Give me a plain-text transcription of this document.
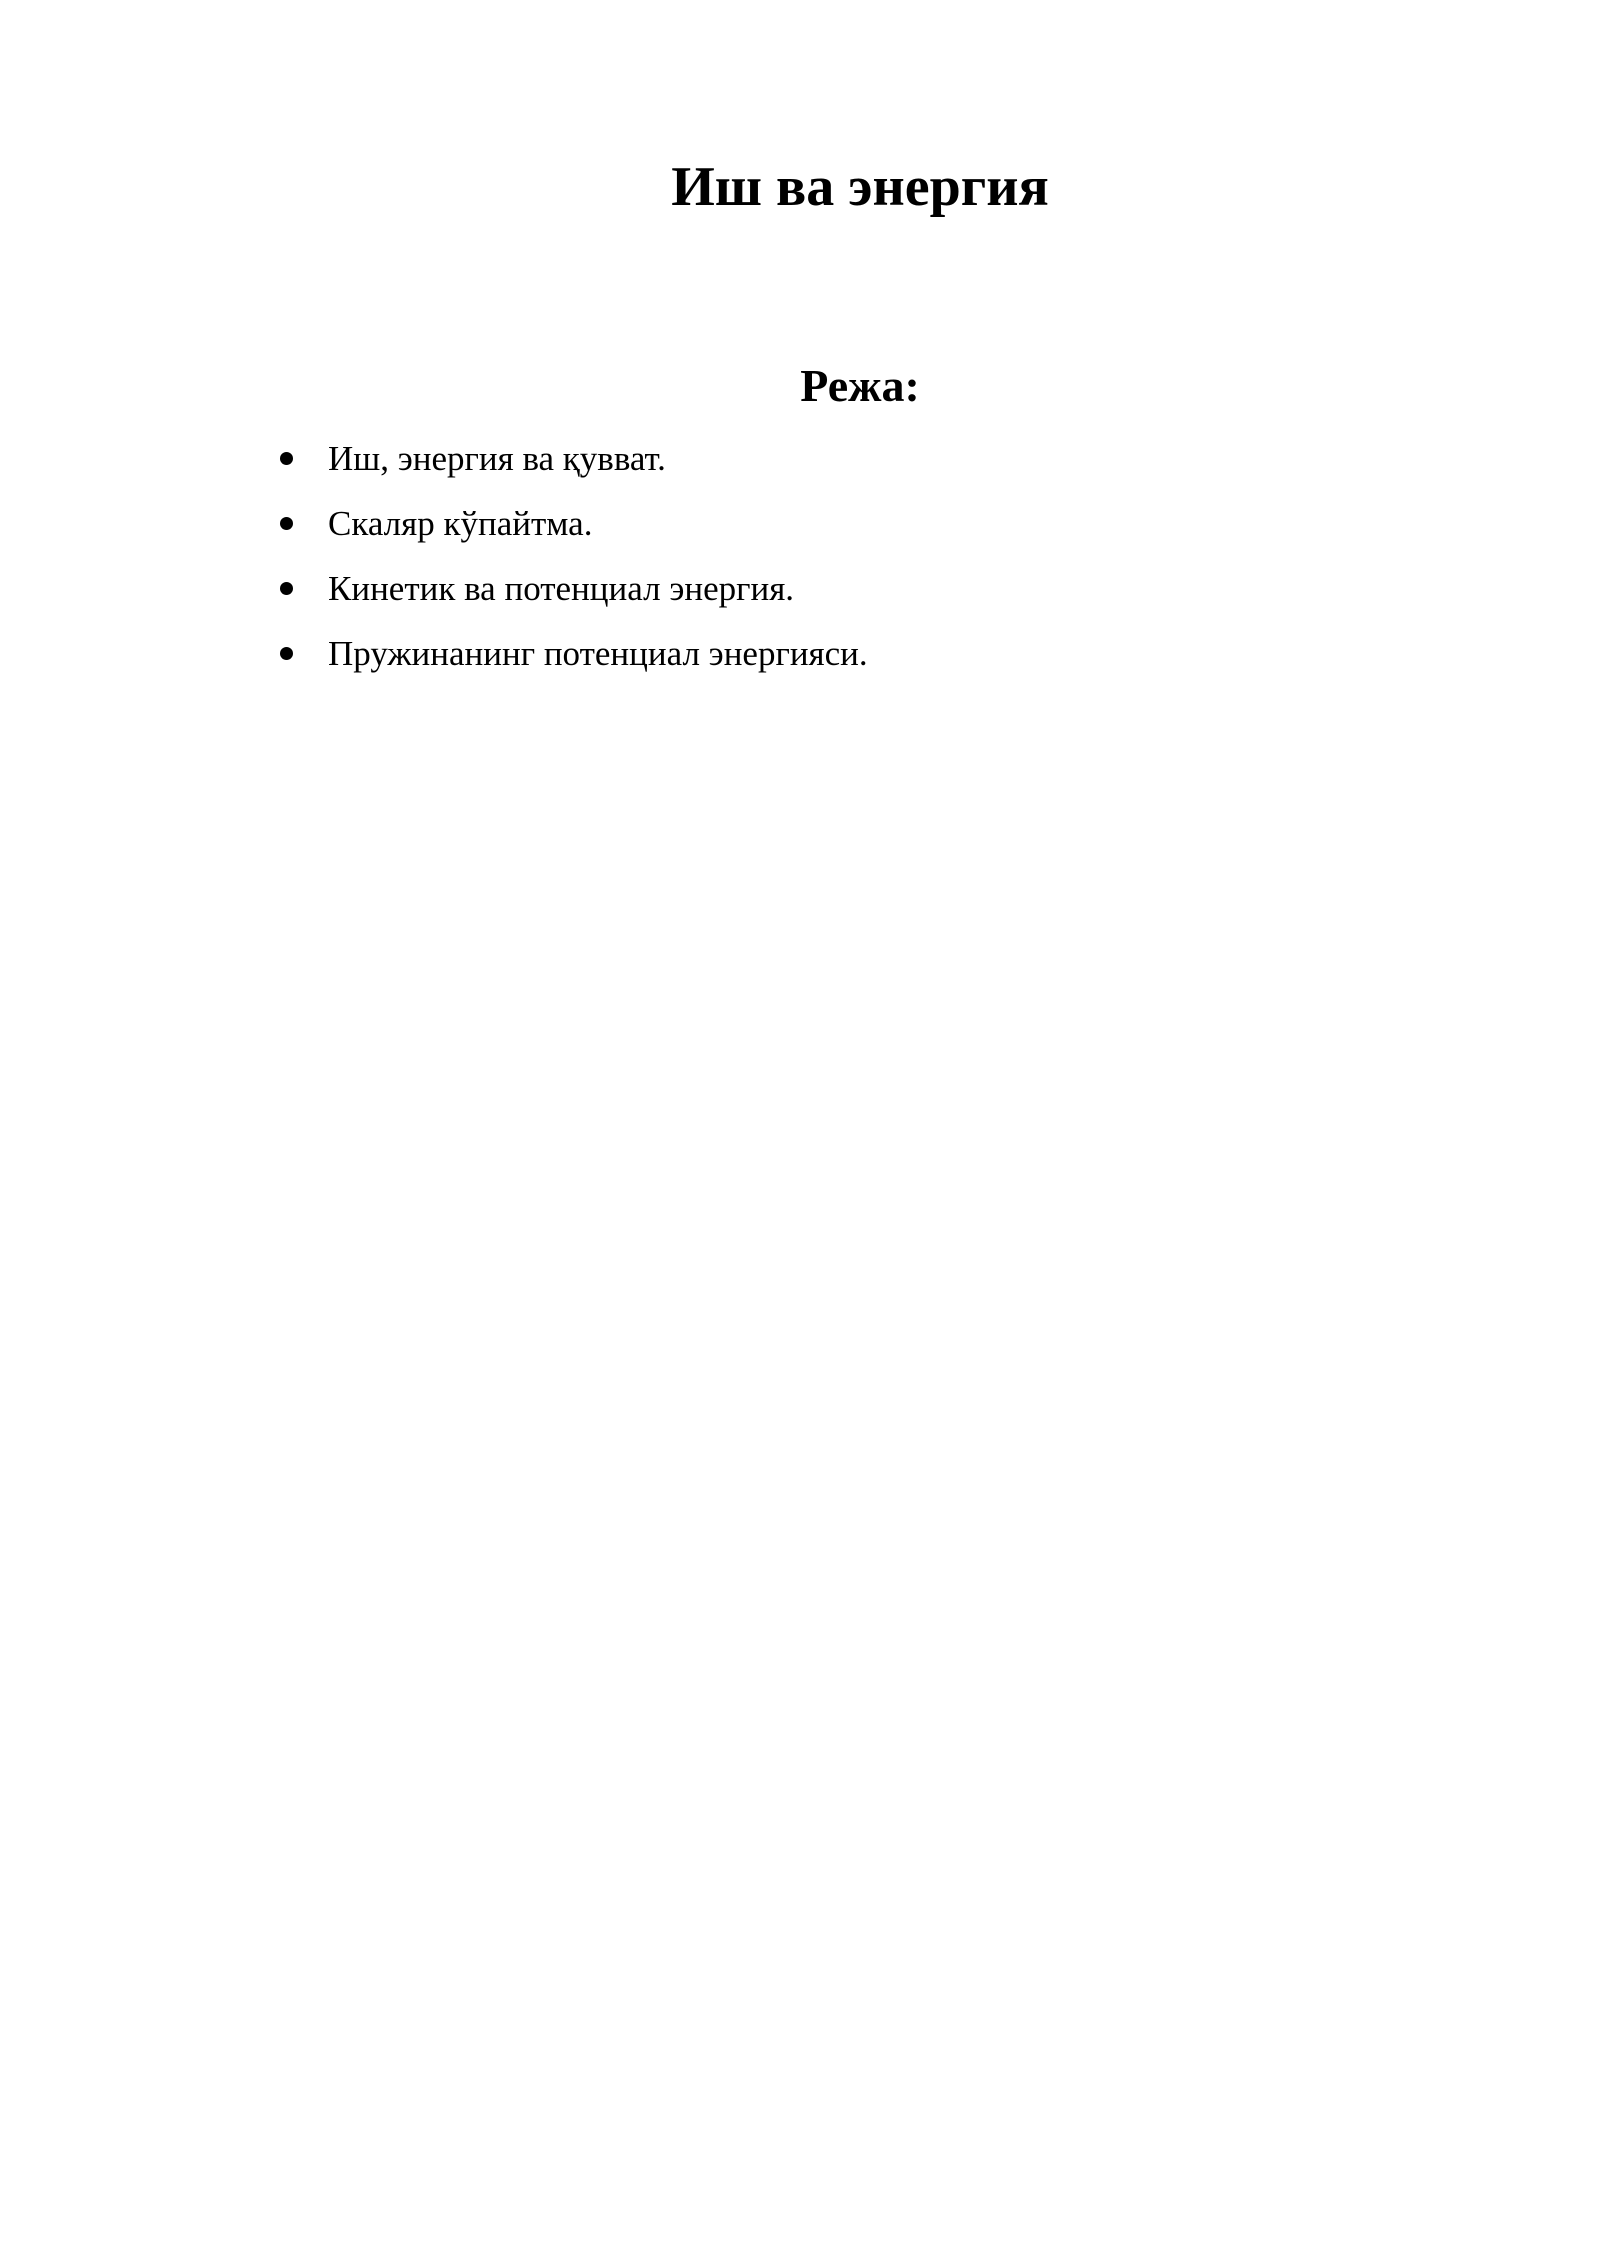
Иш ва энергия
Режа:
Иш, энергия ва қувват.
Скаляр кўпайтма.
Кинетик ва потенциал энергия.
Пружинанинг потенциал энергияси.
